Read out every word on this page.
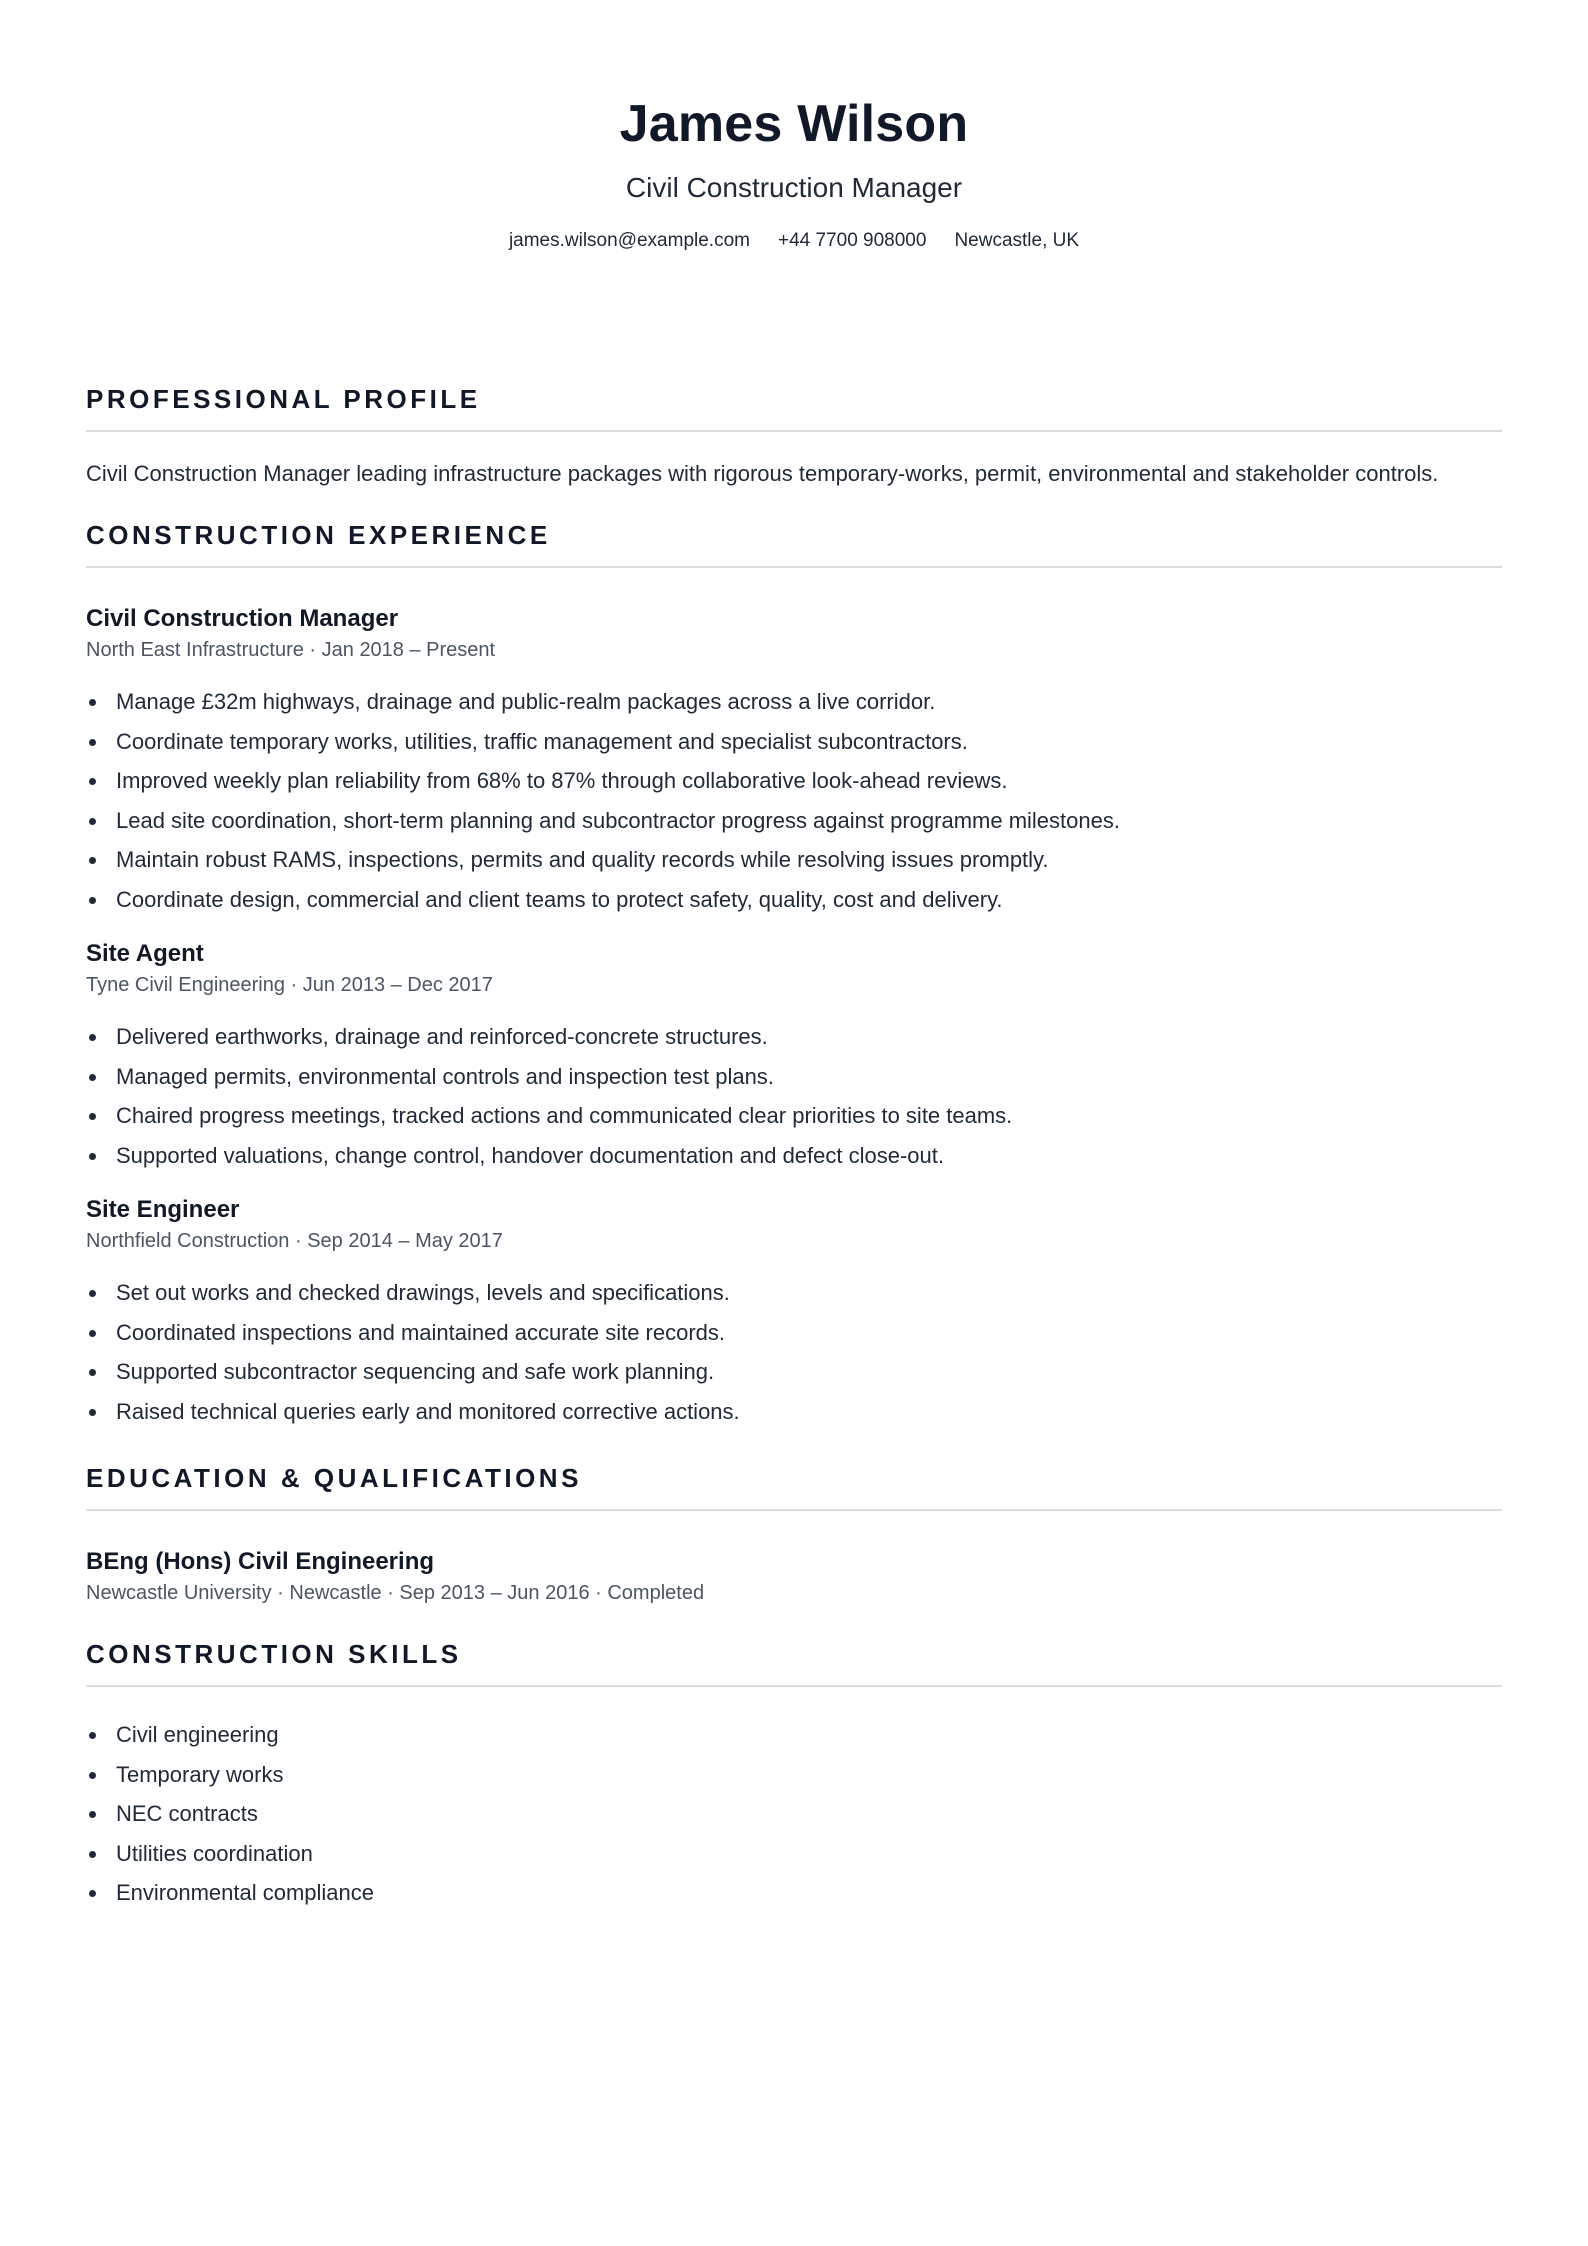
James Wilson
Civil Construction Manager
james.wilson@example.com +44 7700 908000 Newcastle, UK
PROFESSIONAL PROFILE
Civil Construction Manager leading infrastructure packages with rigorous temporary-works, permit, environmental and stakeholder controls.
CONSTRUCTION EXPERIENCE
Civil Construction Manager
North East Infrastructure · Jan 2018 – Present
Manage £32m highways, drainage and public-realm packages across a live corridor.
Coordinate temporary works, utilities, traffic management and specialist subcontractors.
Improved weekly plan reliability from 68% to 87% through collaborative look-ahead reviews.
Lead site coordination, short-term planning and subcontractor progress against programme milestones.
Maintain robust RAMS, inspections, permits and quality records while resolving issues promptly.
Coordinate design, commercial and client teams to protect safety, quality, cost and delivery.
Site Agent
Tyne Civil Engineering · Jun 2013 – Dec 2017
Delivered earthworks, drainage and reinforced-concrete structures.
Managed permits, environmental controls and inspection test plans.
Chaired progress meetings, tracked actions and communicated clear priorities to site teams.
Supported valuations, change control, handover documentation and defect close-out.
Site Engineer
Northfield Construction · Sep 2014 – May 2017
Set out works and checked drawings, levels and specifications.
Coordinated inspections and maintained accurate site records.
Supported subcontractor sequencing and safe work planning.
Raised technical queries early and monitored corrective actions.
EDUCATION & QUALIFICATIONS
BEng (Hons) Civil Engineering
Newcastle University · Newcastle · Sep 2013 – Jun 2016 · Completed
CONSTRUCTION SKILLS
Civil engineering
Temporary works
NEC contracts
Utilities coordination
Environmental compliance
